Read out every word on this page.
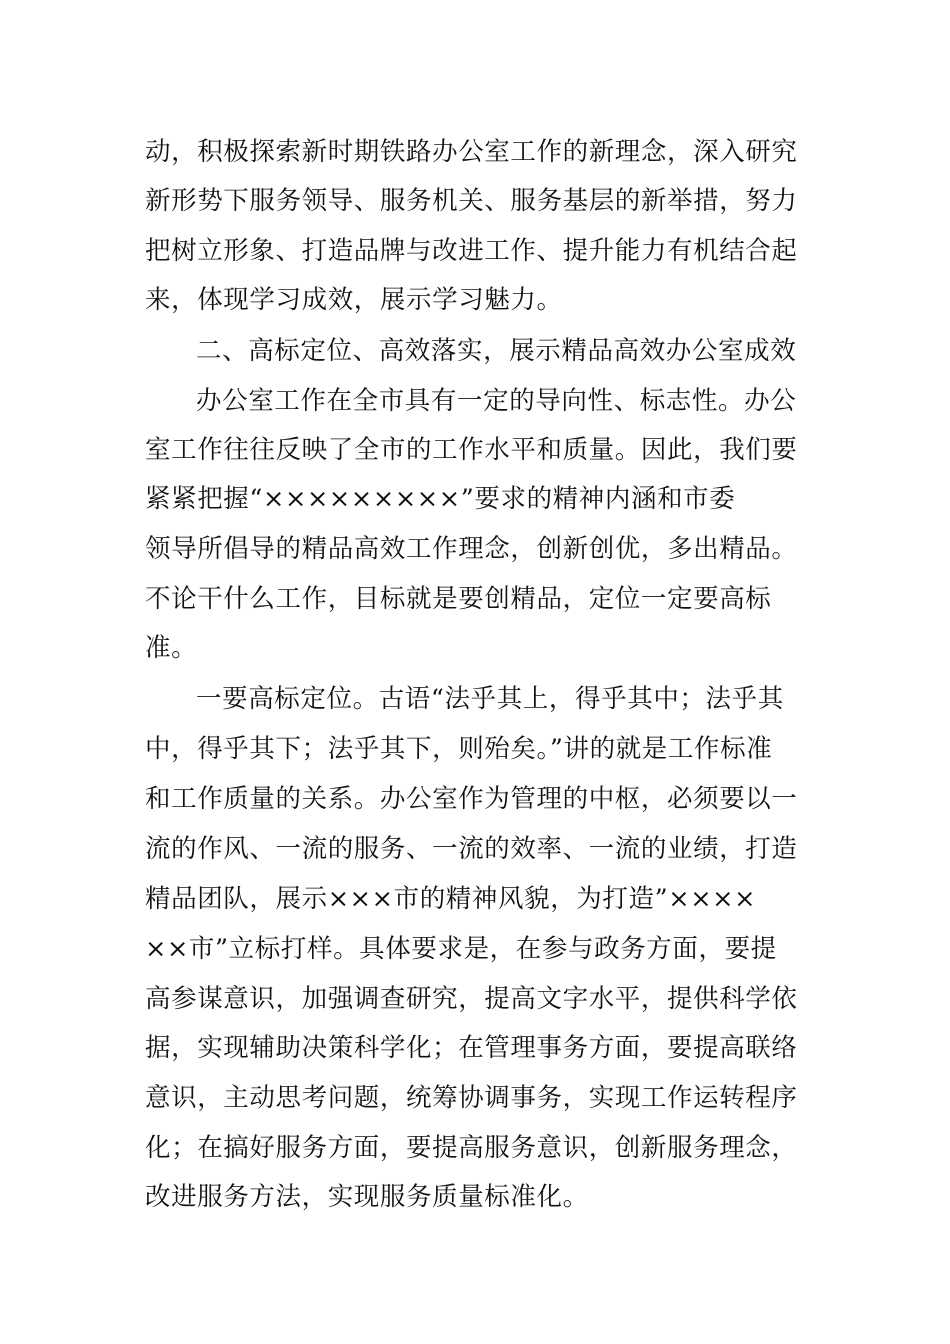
动，积极探索新时期铁路办公室工作的新理念，深入研究
新形势下服务领导、服务机关、服务基层的新举措，努力
把树立形象、打造品牌与改进工作、提升能力有机结合起
来，体现学习成效，展示学习魅力。
二、高标定位、高效落实，展示精品高效办公室成效
办公室工作在全市具有一定的导向性、标志性。办公
室工作往往反映了全市的工作水平和质量。因此，我们要
紧紧把握“×××××××××”要求的精神内涵和市委
领导所倡导的精品高效工作理念，创新创优，多出精品。
不论干什么工作，目标就是要创精品，定位一定要高标
准。
一要高标定位。古语“法乎其上，得乎其中；法乎其
中，得乎其下；法乎其下，则殆矣。”讲的就是工作标准
和工作质量的关系。办公室作为管理的中枢，必须要以一
流的作风、一流的服务、一流的效率、一流的业绩，打造
精品团队，展示×××市的精神风貌，为打造”××××
××市”立标打样。具体要求是，在参与政务方面，要提
高参谋意识，加强调查研究，提高文字水平，提供科学依
据，实现辅助决策科学化；在管理事务方面，要提高联络
意识，主动思考问题，统筹协调事务，实现工作运转程序
化；在搞好服务方面，要提高服务意识，创新服务理念，
改进服务方法，实现服务质量标准化。
